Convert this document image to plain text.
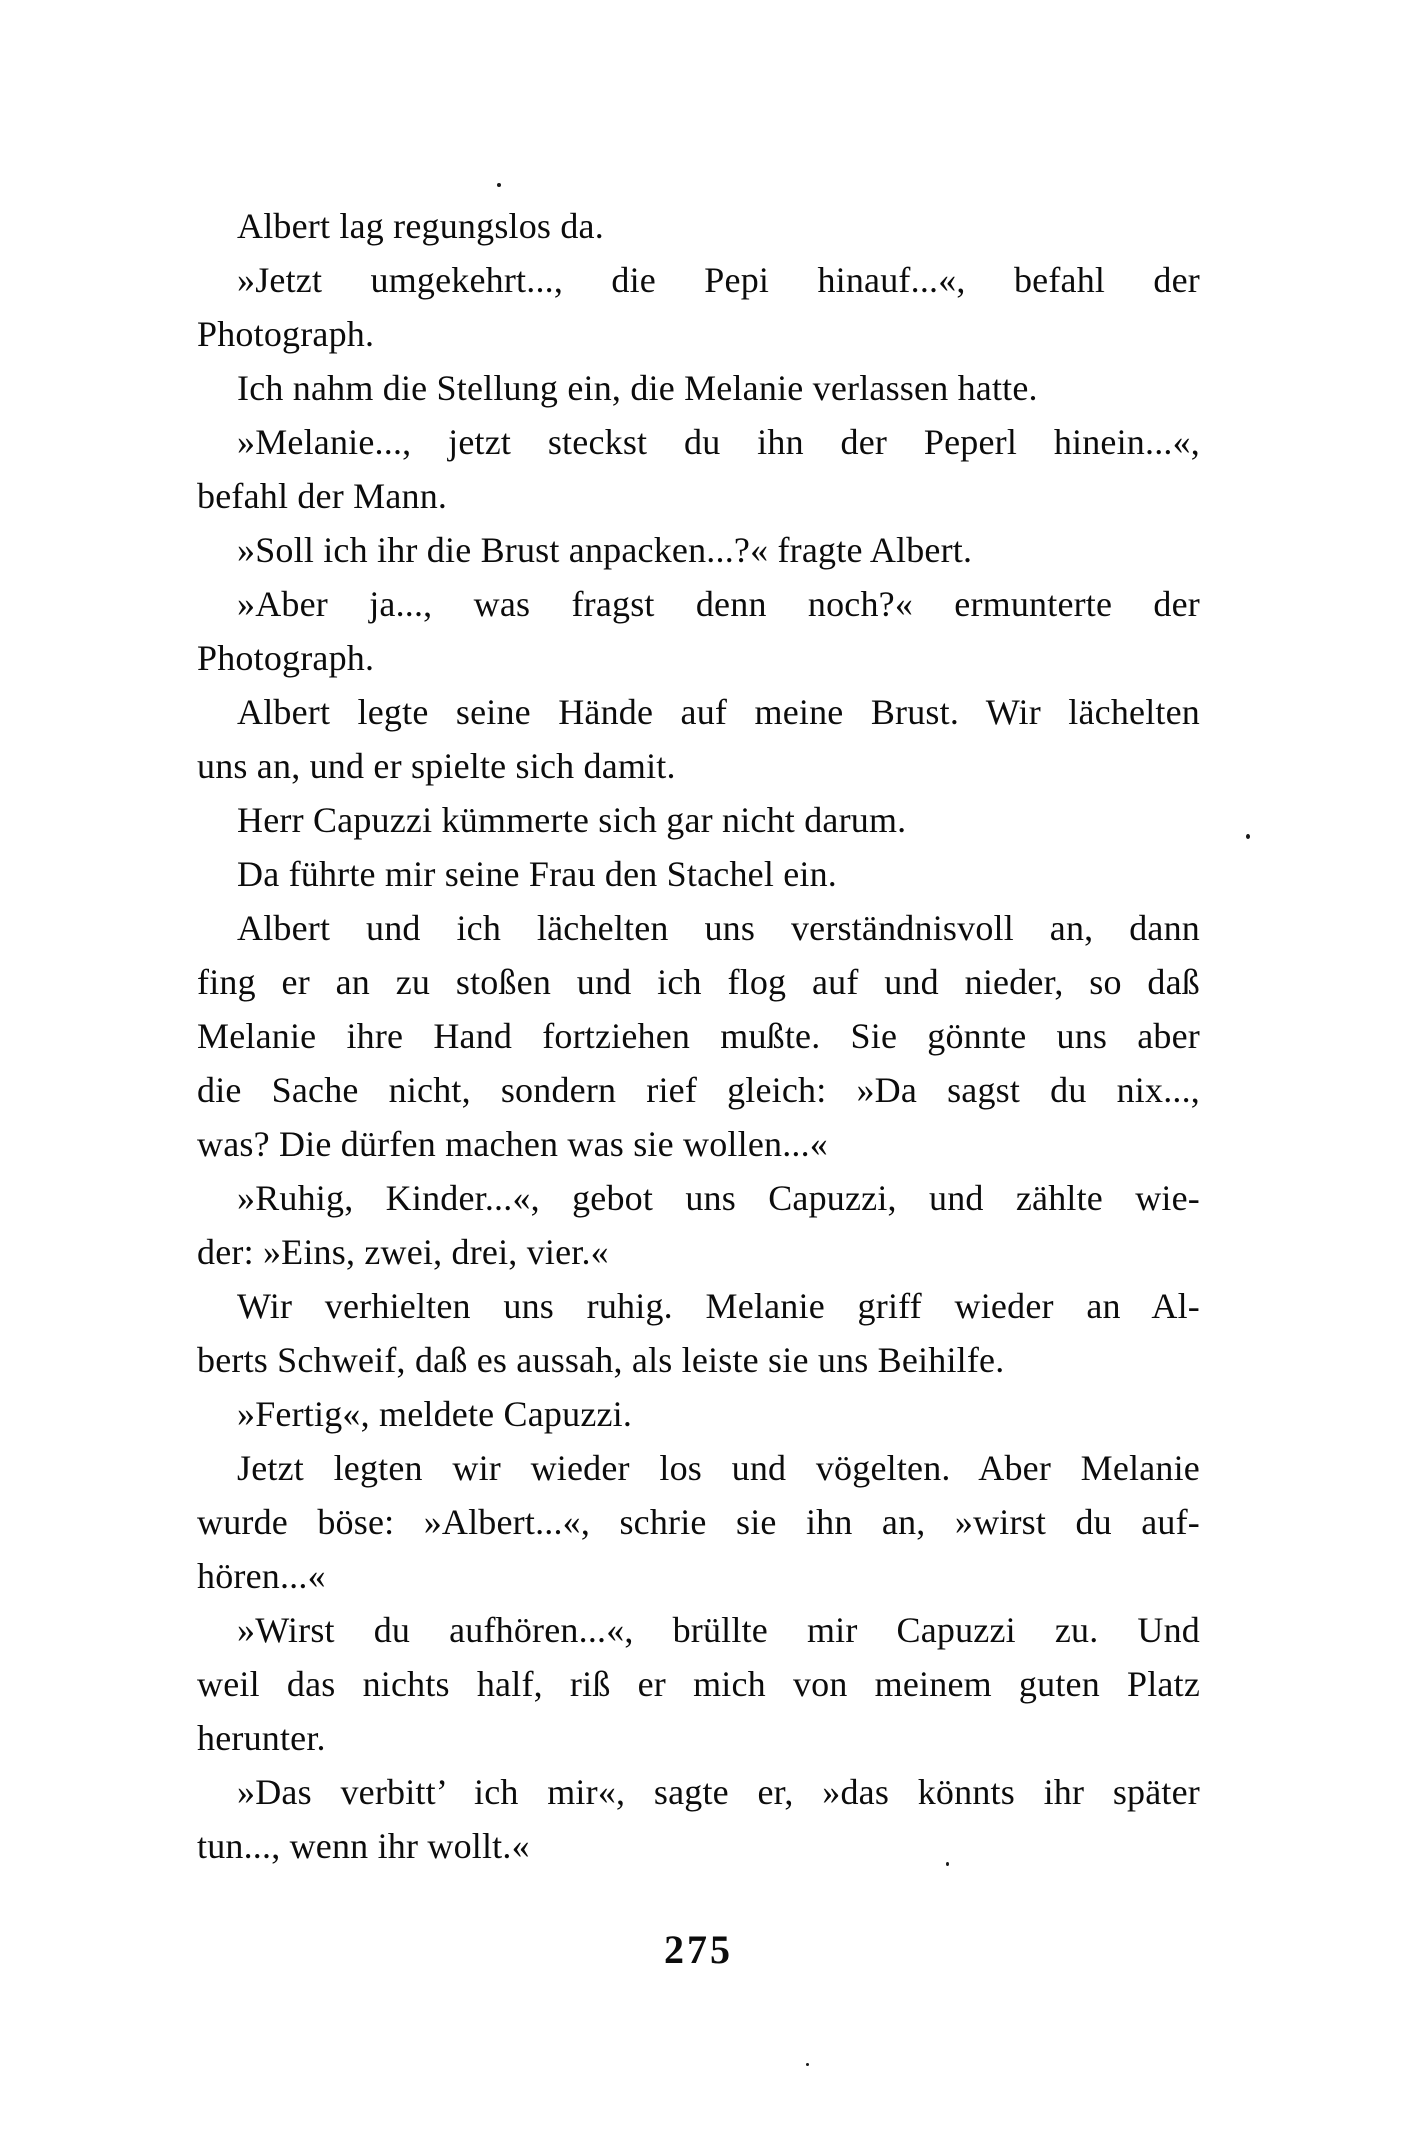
Albert lag regungslos da.
»Jetzt umgekehrt..., die Pepi hinauf...«, befahl der
Photograph.
Ich nahm die Stellung ein, die Melanie verlassen hatte.
»Melanie..., jetzt steckst du ihn der Peperl hinein...«,
befahl der Mann.
»Soll ich ihr die Brust anpacken...?« fragte Albert.
»Aber ja..., was fragst denn noch?« ermunterte der
Photograph.
Albert legte seine Hände auf meine Brust. Wir lächelten
uns an, und er spielte sich damit.
Herr Capuzzi kümmerte sich gar nicht darum.
Da führte mir seine Frau den Stachel ein.
Albert und ich lächelten uns verständnisvoll an, dann
fing er an zu stoßen und ich flog auf und nieder, so daß
Melanie ihre Hand fortziehen mußte. Sie gönnte uns aber
die Sache nicht, sondern rief gleich: »Da sagst du nix...,
was? Die dürfen machen was sie wollen...«
»Ruhig, Kinder...«, gebot uns Capuzzi, und zählte wie-
der: »Eins, zwei, drei, vier.«
Wir verhielten uns ruhig. Melanie griff wieder an Al-
berts Schweif, daß es aussah, als leiste sie uns Beihilfe.
»Fertig«, meldete Capuzzi.
Jetzt legten wir wieder los und vögelten. Aber Melanie
wurde böse: »Albert...«, schrie sie ihn an, »wirst du auf-
hören...«
»Wirst du aufhören...«, brüllte mir Capuzzi zu. Und
weil das nichts half, riß er mich von meinem guten Platz
herunter.
»Das verbitt’ ich mir«, sagte er, »das könnts ihr später
tun..., wenn ihr wollt.«
275
